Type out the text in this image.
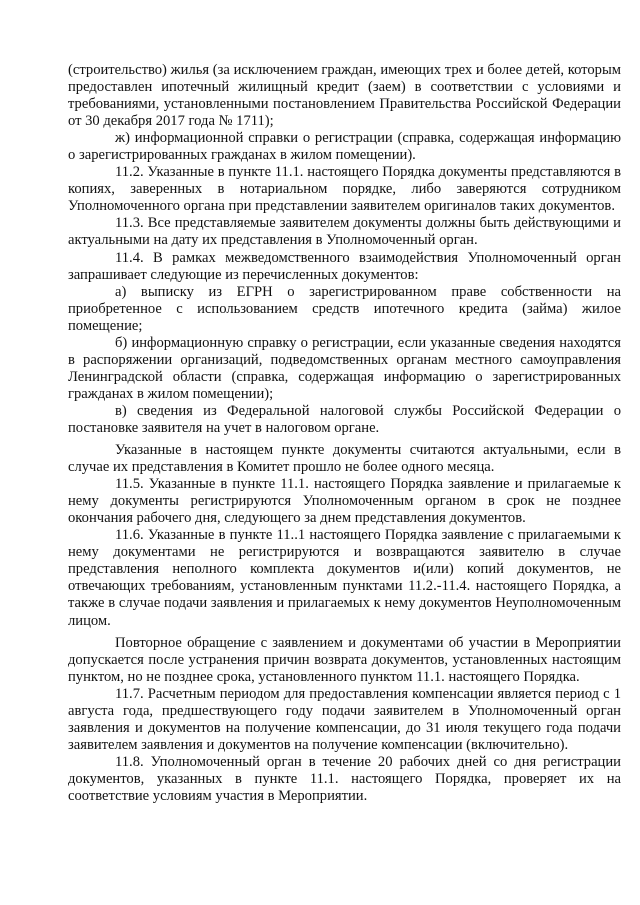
(строительство) жилья (за исключением граждан, имеющих трех и более детей, которым предоставлен ипотечный жилищный кредит (заем) в соответствии с условиями и требованиями, установленными постановлением Правительства Российской Федерации от 30 декабря 2017 года № 1711);

ж) информационной справки о регистрации (справка, содержащая информацию о зарегистрированных гражданах в жилом помещении).

11.2. Указанные в пункте 11.1. настоящего Порядка документы представляются в копиях, заверенных в нотариальном порядке, либо заверяются сотрудником Уполномоченного органа при представлении заявителем оригиналов таких документов.

11.3. Все представляемые заявителем документы должны быть действующими и актуальными на дату их представления в Уполномоченный орган.

11.4. В рамках межведомственного взаимодействия Уполномоченный орган запрашивает следующие из перечисленных документов:

а) выписку из ЕГРН о зарегистрированном праве собственности на приобретенное с использованием средств ипотечного кредита (займа) жилое помещение;

б) информационную справку о регистрации, если указанные сведения находятся в распоряжении организаций, подведомственных органам местного самоуправления Ленинградской области (справка, содержащая информацию о зарегистрированных гражданах в жилом помещении);

в) сведения из Федеральной налоговой службы Российской Федерации о постановке заявителя на учет в налоговом органе.

Указанные в настоящем пункте документы считаются актуальными, если в случае их представления в Комитет прошло не более одного месяца.

11.5. Указанные в пункте 11.1. настоящего Порядка заявление и прилагаемые к нему документы регистрируются Уполномоченным органом в срок не позднее окончания рабочего дня, следующего за днем представления документов.

11.6. Указанные в пункте 11..1 настоящего Порядка заявление с прилагаемыми к нему документами не регистрируются и возвращаются заявителю в случае представления неполного комплекта документов и(или) копий документов, не отвечающих требованиям, установленным пунктами 11.2.-11.4. настоящего Порядка, а также в случае подачи заявления и прилагаемых к нему документов Неуполномоченным лицом.

Повторное обращение с заявлением и документами об участии в Мероприятии допускается после устранения причин возврата документов, установленных настоящим пунктом, но не позднее срока, установленного пунктом 11.1. настоящего Порядка.

11.7. Расчетным периодом для предоставления компенсации является период с 1 августа года, предшествующего году подачи заявителем в Уполномоченный орган заявления и документов на получение компенсации, до 31 июля текущего года подачи заявителем заявления и документов на получение компенсации (включительно).

11.8. Уполномоченный орган в течение 20 рабочих дней со дня регистрации документов, указанных в пункте 11.1. настоящего Порядка, проверяет их на соответствие условиям участия в Мероприятии.
